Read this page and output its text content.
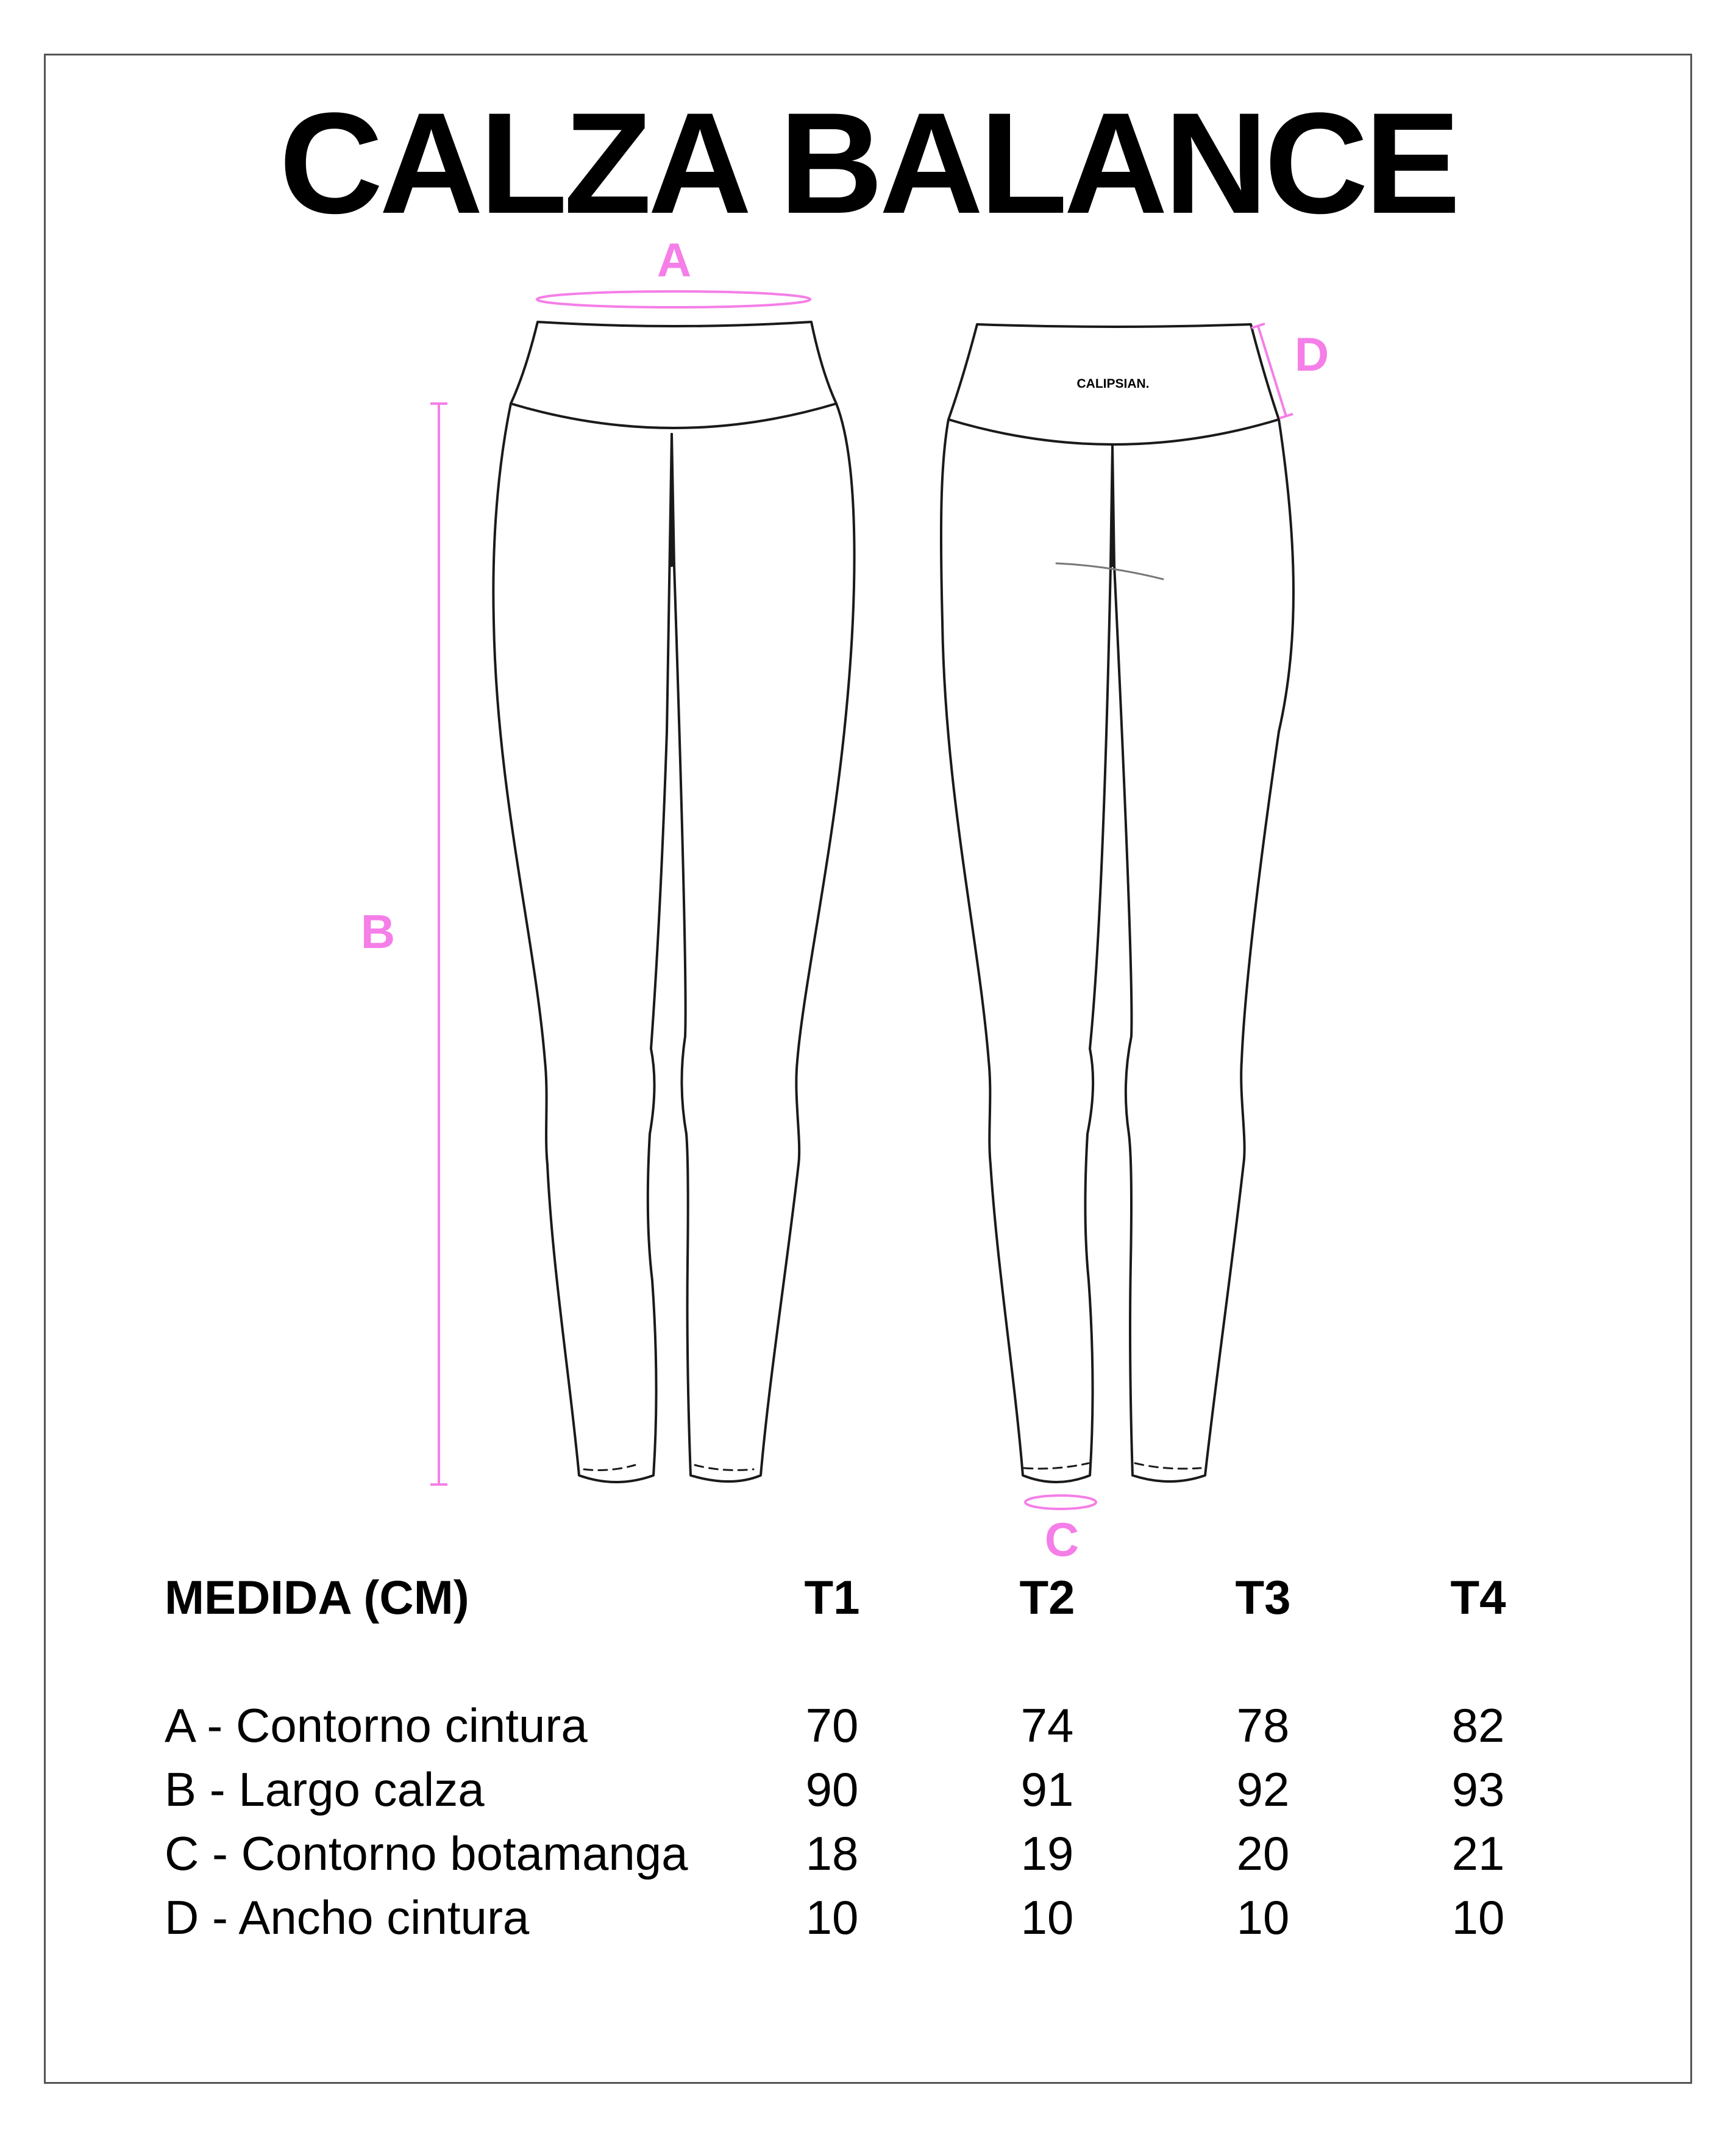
CALZA BALANCE
CALIPSIAN.
A
B
C
D
MEDIDA (CM)	T1	T2	T3	T4
A - Contorno cintura	70	74	78	82
B - Largo calza	90	91	92	93
C - Contorno botamanga	18	19	20	21
D - Ancho cintura	10	10	10	10
